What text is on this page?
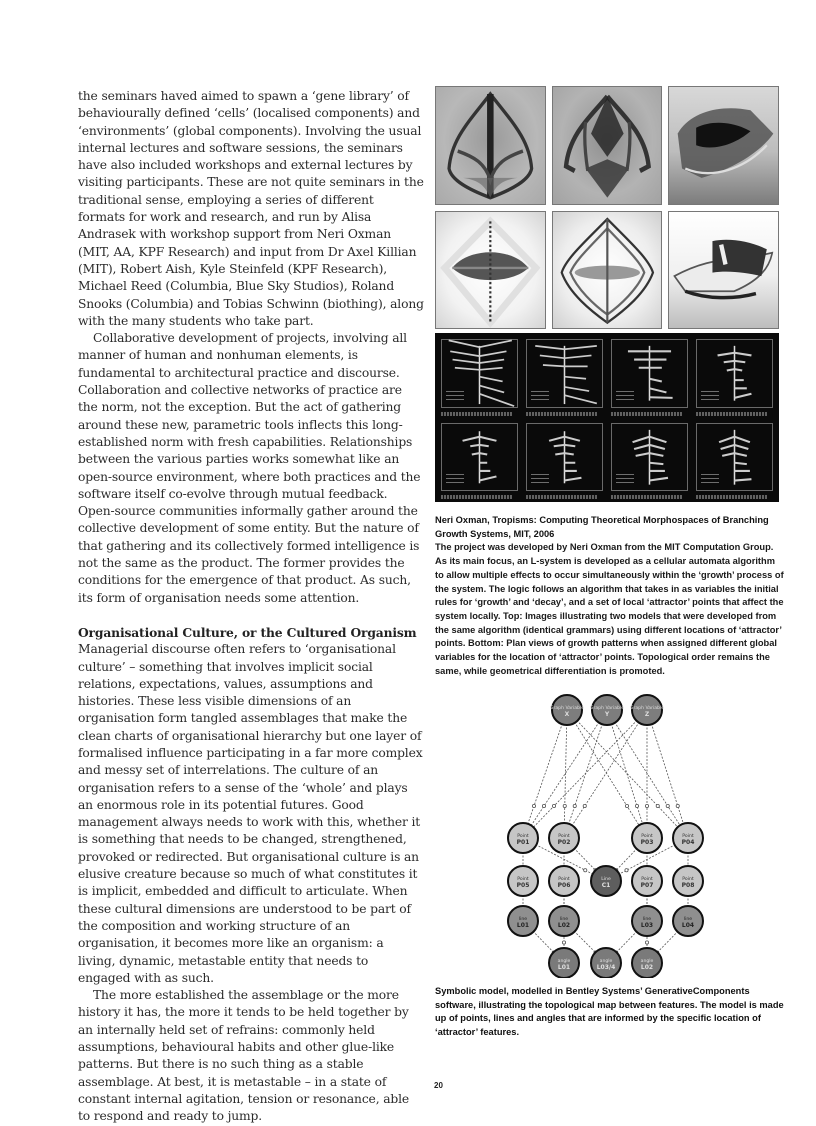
the seminars haved aimed to spawn a ‘gene library’ of behaviourally defined ‘cells’ (localised components) and ‘environments’ (global components). Involving the usual internal lectures and software sessions, the seminars have also included workshops and external lectures by visiting participants. These are not quite seminars in the traditional sense, employing a series of different formats for work and research, and run by Alisa Andrasek with workshop support from Neri Oxman (MIT, AA, KPF Research) and input from Dr Axel Killian (MIT), Robert Aish, Kyle Steinfeld (KPF Research), Michael Reed (Columbia, Blue Sky Studios), Roland Snooks (Columbia) and Tobias Schwinn (biothing), along with the many students who take part.

Collaborative development of projects, involving all manner of human and nonhuman elements, is fundamental to architectural practice and discourse. Collaboration and collective networks of practice are the norm, not the exception. But the act of gathering around these new, parametric tools inflects this long-established norm with fresh capabilities. Relationships between the various parties works somewhat like an open-source environment, where both practices and the software itself co-evolve through mutual feedback. Open-source communities informally gather around the collective development of some entity. But the nature of that gathering and its collectively formed intelligence is not the same as the product. The former provides the conditions for the emergence of that product. As such, its form of organisation needs some attention.

Organisational Culture, or the Cultured Organism

Managerial discourse often refers to ‘organisational culture’ – something that involves implicit social relations, expectations, values, assumptions and histories. These less visible dimensions of an organisation form tangled assemblages that make the clean charts of organisational hierarchy but one layer of formalised influence participating in a far more complex and messy set of interrelations. The culture of an organisation refers to a sense of the ‘whole’ and plays an enormous role in its potential futures. Good management always needs to work with this, whether it is something that needs to be changed, strengthened, provoked or redirected. But organisational culture is an elusive creature because so much of what constitutes it is implicit, embedded and difficult to articulate. When these cultural dimensions are understood to be part of the composition and working structure of an organisation, it becomes more like an organism: a living, dynamic, metastable entity that needs to engaged with as such.

The more established the assemblage or the more history it has, the more it tends to be held together by an internally held set of refrains: commonly held assumptions, behavioural habits and other glue-like patterns. But there is no such thing as a stable assemblage. At best, it is metastable – in a state of constant internal agitation, tension or resonance, able to respond and ready to jump.

Neri Oxman, Tropisms: Computing Theoretical Morphospaces of Branching Growth Systems, MIT, 2006
The project was developed by Neri Oxman from the MIT Computation Group. As its main focus, an L-system is developed as a cellular automata algorithm to allow multiple effects to occur simultaneously within the ‘growth’ process of the system. The logic follows an algorithm that takes in as variables the initial rules for ‘growth’ and ‘decay’, and a set of local ‘attractor’ points that affect the system locally. Top: Images illustrating two models that were developed from the same algorithm (identical grammars) using different locations of ‘attractor’ points. Bottom: Plan views of growth patterns when assigned different global variables for the location of ‘attractor’ points. Topological order remains the same, while geometrical differentiation is promoted.
Graph Variable
X
Graph Variable
Y
Graph Variable
Z
Point
P01
Point
P02
Point
P03
Point
P04
Point
P05
Point
P06
Point
P07
Point
P08
Line
C1
line
L01
line
L02
line
L03
line
L04
angle
L01
angle
L03/4
angle
L02
Symbolic model, modelled in Bentley Systems’ GenerativeComponents software, illustrating the topological map between features. The model is made up of points, lines and angles that are informed by the specific location of ‘attractor’ features.
20
